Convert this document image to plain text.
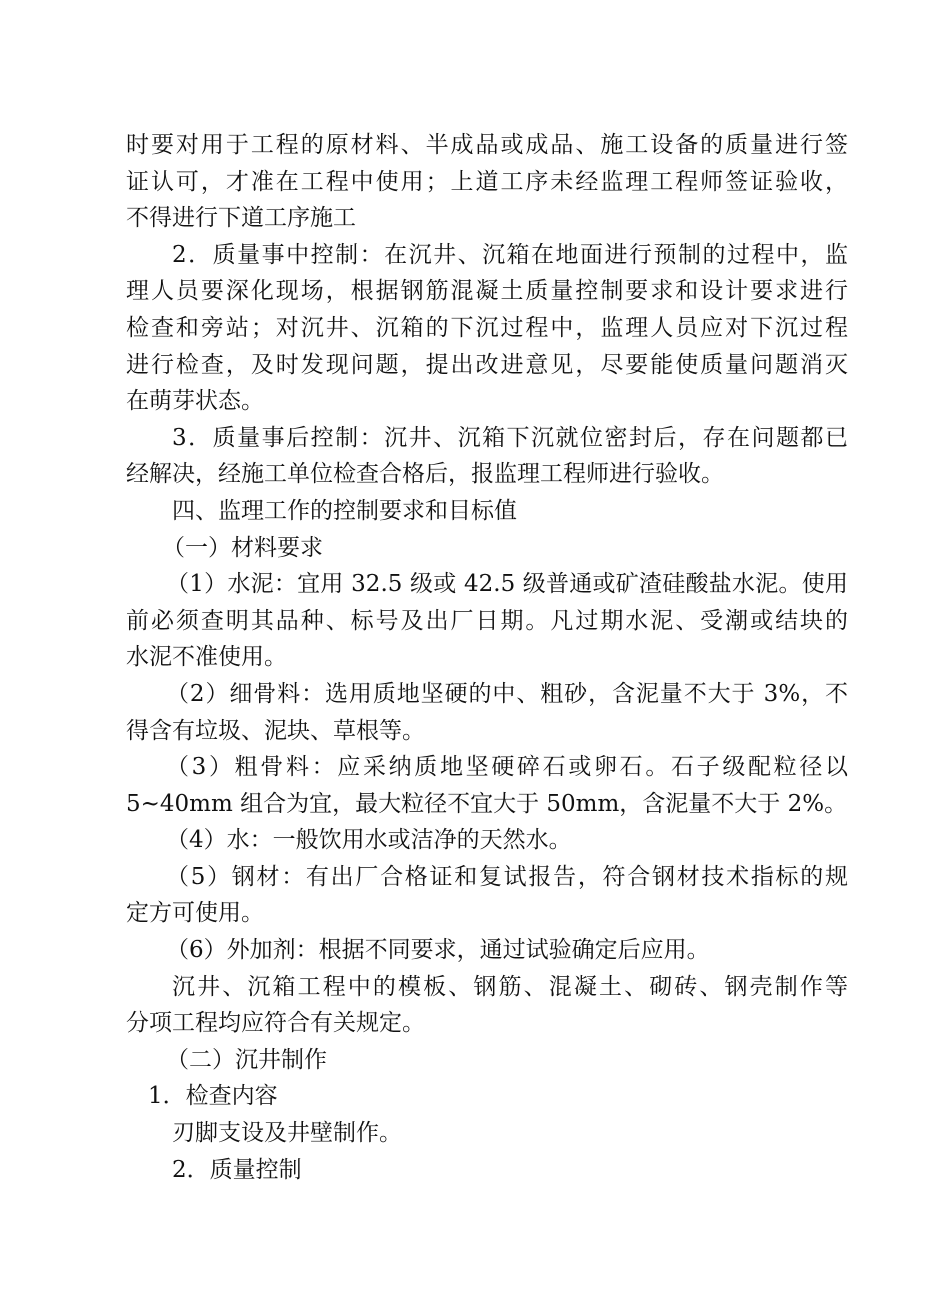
时要对用于工程的原材料、半成品或成品、施工设备的质量进行签
证认可，才准在工程中使用；上道工序未经监理工程师签证验收，
不得进行下道工序施工
2．质量事中控制：在沉井、沉箱在地面进行预制的过程中，监
理人员要深化现场，根据钢筋混凝土质量控制要求和设计要求进行
检查和旁站；对沉井、沉箱的下沉过程中，监理人员应对下沉过程
进行检查，及时发现问题，提出改进意见，尽要能使质量问题消灭
在萌芽状态。
3．质量事后控制：沉井、沉箱下沉就位密封后，存在问题都已
经解决，经施工单位检查合格后，报监理工程师进行验收。
四、监理工作的控制要求和目标值
（一）材料要求
（1）水泥：宜用 32.5 级或 42.5 级普通或矿渣硅酸盐水泥。使用
前必须查明其品种、标号及出厂日期。凡过期水泥、受潮或结块的
水泥不准使用。
（2）细骨料：选用质地坚硬的中、粗砂，含泥量不大于 3%，不
得含有垃圾、泥块、草根等。
（3）粗骨料：应采纳质地坚硬碎石或卵石。石子级配粒径以
5~40mm 组合为宜，最大粒径不宜大于 50mm，含泥量不大于 2%。
（4）水：一般饮用水或洁净的天然水。
（5）钢材：有出厂合格证和复试报告，符合钢材技术指标的规
定方可使用。
（6）外加剂：根据不同要求，通过试验确定后应用。
沉井、沉箱工程中的模板、钢筋、混凝土、砌砖、钢壳制作等
分项工程均应符合有关规定。
（二）沉井制作
1．检查内容
刃脚支设及井壁制作。
2．质量控制
